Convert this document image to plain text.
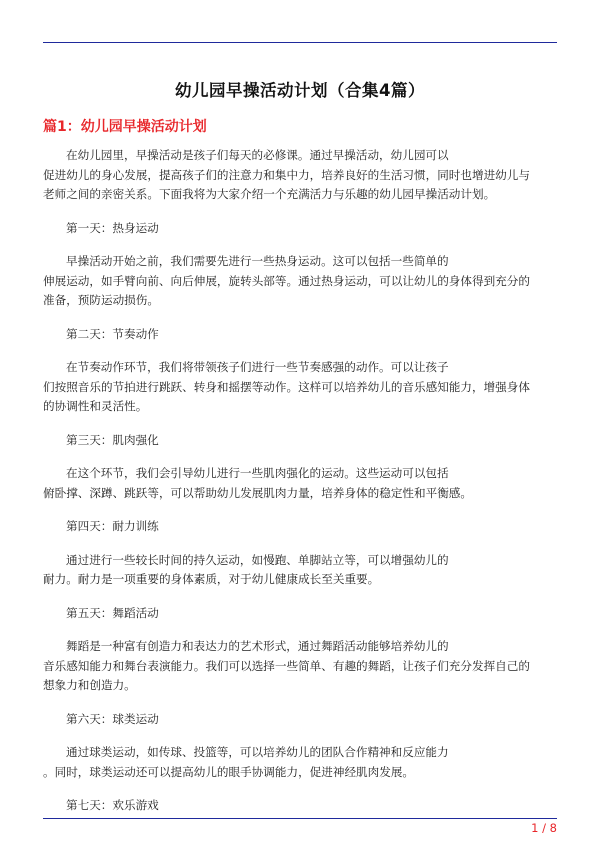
幼儿园早操活动计划（合集4篇）
篇1：幼儿园早操活动计划

在幼儿园里，早操活动是孩子们每天的必修课。通过早操活动，幼儿园可以
促进幼儿的身心发展，提高孩子们的注意力和集中力，培养良好的生活习惯，同时也增进幼儿与
老师之间的亲密关系。下面我将为大家介绍一个充满活力与乐趣的幼儿园早操活动计划。

第一天：热身运动

早操活动开始之前，我们需要先进行一些热身运动。这可以包括一些简单的
伸展运动，如手臂向前、向后伸展，旋转头部等。通过热身运动，可以让幼儿的身体得到充分的
准备，预防运动损伤。

第二天：节奏动作

在节奏动作环节，我们将带领孩子们进行一些节奏感强的动作。可以让孩子
们按照音乐的节拍进行跳跃、转身和摇摆等动作。这样可以培养幼儿的音乐感知能力，增强身体
的协调性和灵活性。

第三天：肌肉强化

在这个环节，我们会引导幼儿进行一些肌肉强化的运动。这些运动可以包括
俯卧撑、深蹲、跳跃等，可以帮助幼儿发展肌肉力量，培养身体的稳定性和平衡感。

第四天：耐力训练

通过进行一些较长时间的持久运动，如慢跑、单脚站立等，可以增强幼儿的
耐力。耐力是一项重要的身体素质，对于幼儿健康成长至关重要。

第五天：舞蹈活动

舞蹈是一种富有创造力和表达力的艺术形式，通过舞蹈活动能够培养幼儿的
音乐感知能力和舞台表演能力。我们可以选择一些简单、有趣的舞蹈，让孩子们充分发挥自己的
想象力和创造力。

第六天：球类运动

通过球类运动，如传球、投篮等，可以培养幼儿的团队合作精神和反应能力
。同时，球类运动还可以提高幼儿的眼手协调能力，促进神经肌肉发展。

第七天：欢乐游戏

1 / 8
